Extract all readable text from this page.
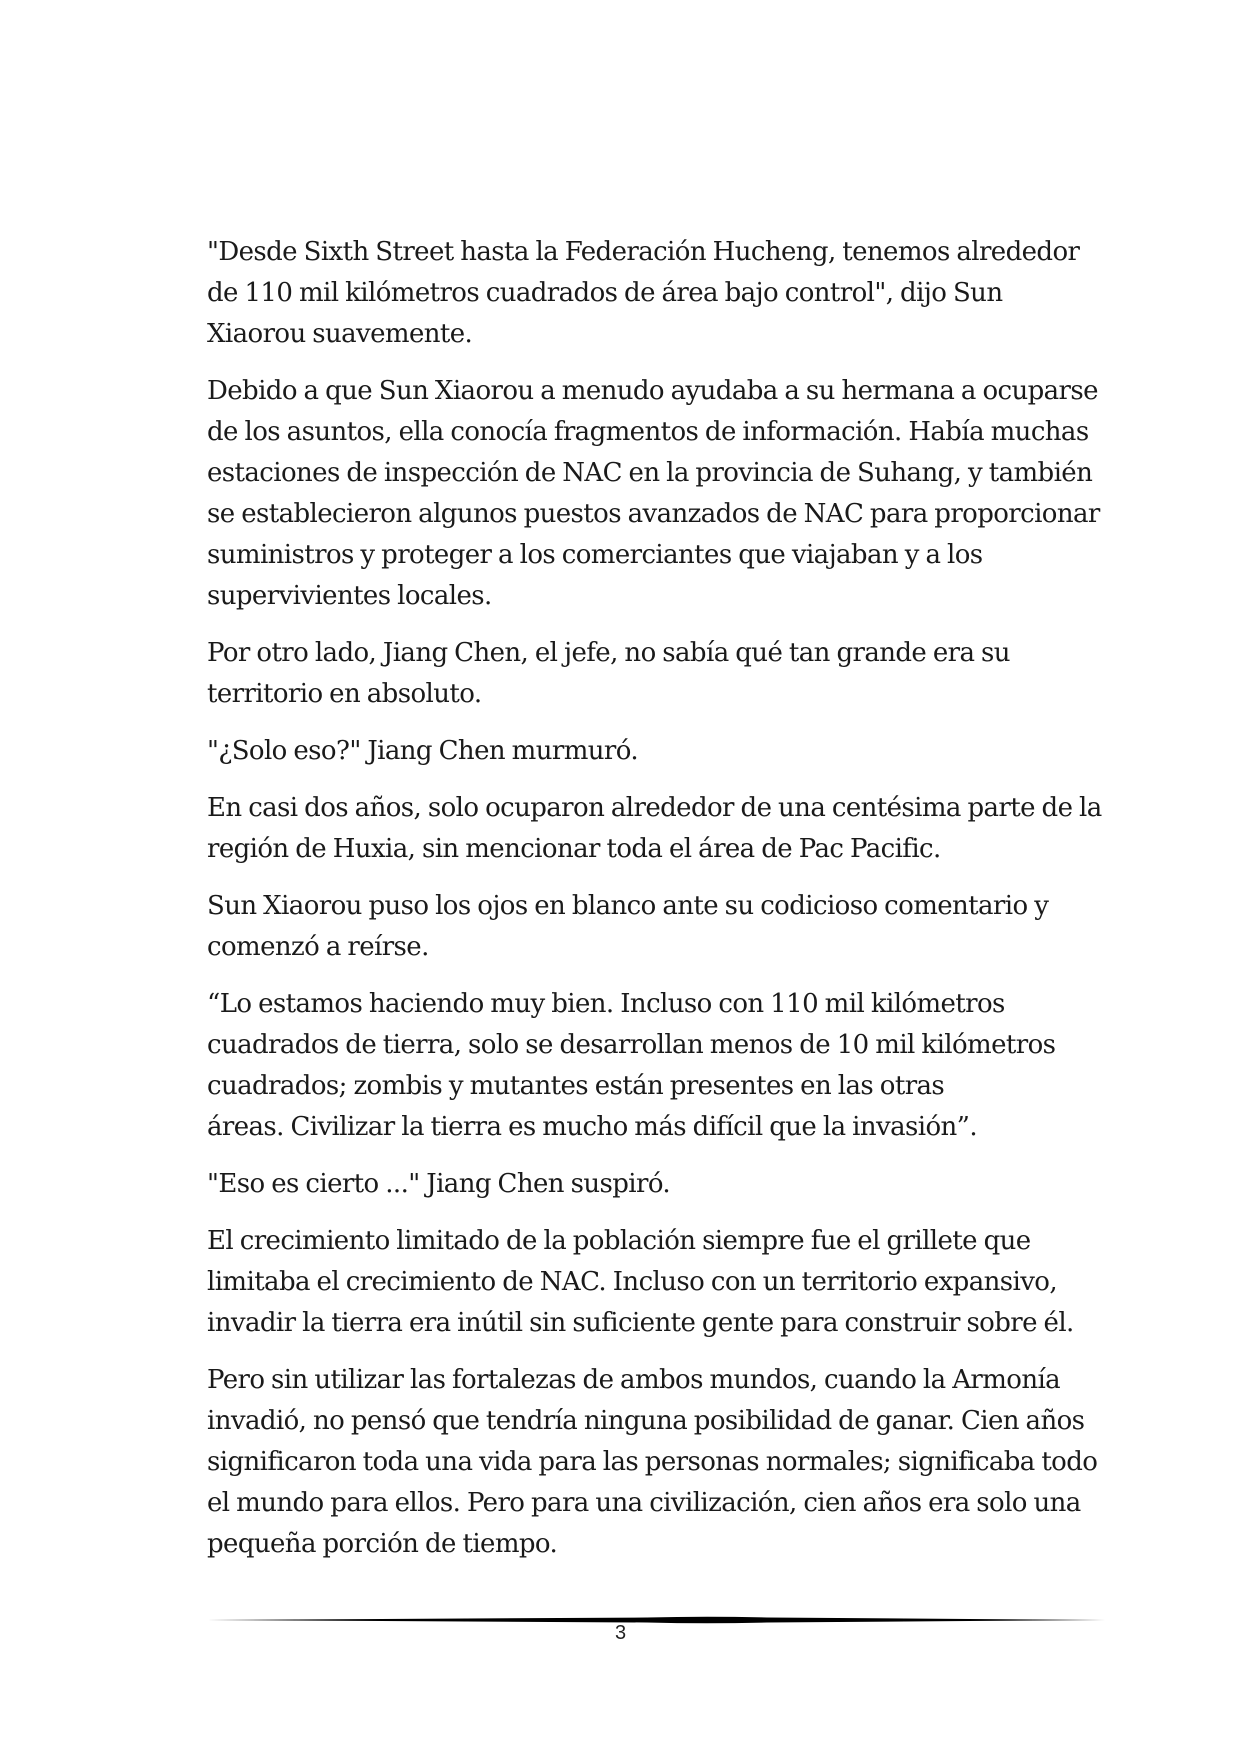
"Desde Sixth Street hasta la Federación Hucheng, tenemos alrededor
de 110 mil kilómetros cuadrados de área bajo control", dijo Sun
Xiaorou suavemente.

Debido a que Sun Xiaorou a menudo ayudaba a su hermana a ocuparse
de los asuntos, ella conocía fragmentos de información. Había muchas
estaciones de inspección de NAC en la provincia de Suhang, y también
se establecieron algunos puestos avanzados de NAC para proporcionar
suministros y proteger a los comerciantes que viajaban y a los
supervivientes locales.

Por otro lado, Jiang Chen, el jefe, no sabía qué tan grande era su
territorio en absoluto.

"¿Solo eso?" Jiang Chen murmuró.

En casi dos años, solo ocuparon alrededor de una centésima parte de la
región de Huxia, sin mencionar toda el área de Pac Pacific.

Sun Xiaorou puso los ojos en blanco ante su codicioso comentario y
comenzó a reírse.

“Lo estamos haciendo muy bien. Incluso con 110 mil kilómetros
cuadrados de tierra, solo se desarrollan menos de 10 mil kilómetros
cuadrados; zombis y mutantes están presentes en las otras
áreas. Civilizar la tierra es mucho más difícil que la invasión”.

"Eso es cierto ..." Jiang Chen suspiró.

El crecimiento limitado de la población siempre fue el grillete que
limitaba el crecimiento de NAC. Incluso con un territorio expansivo,
invadir la tierra era inútil sin suficiente gente para construir sobre él.

Pero sin utilizar las fortalezas de ambos mundos, cuando la Armonía
invadió, no pensó que tendría ninguna posibilidad de ganar. Cien años
significaron toda una vida para las personas normales; significaba todo
el mundo para ellos. Pero para una civilización, cien años era solo una
pequeña porción de tiempo.

3
